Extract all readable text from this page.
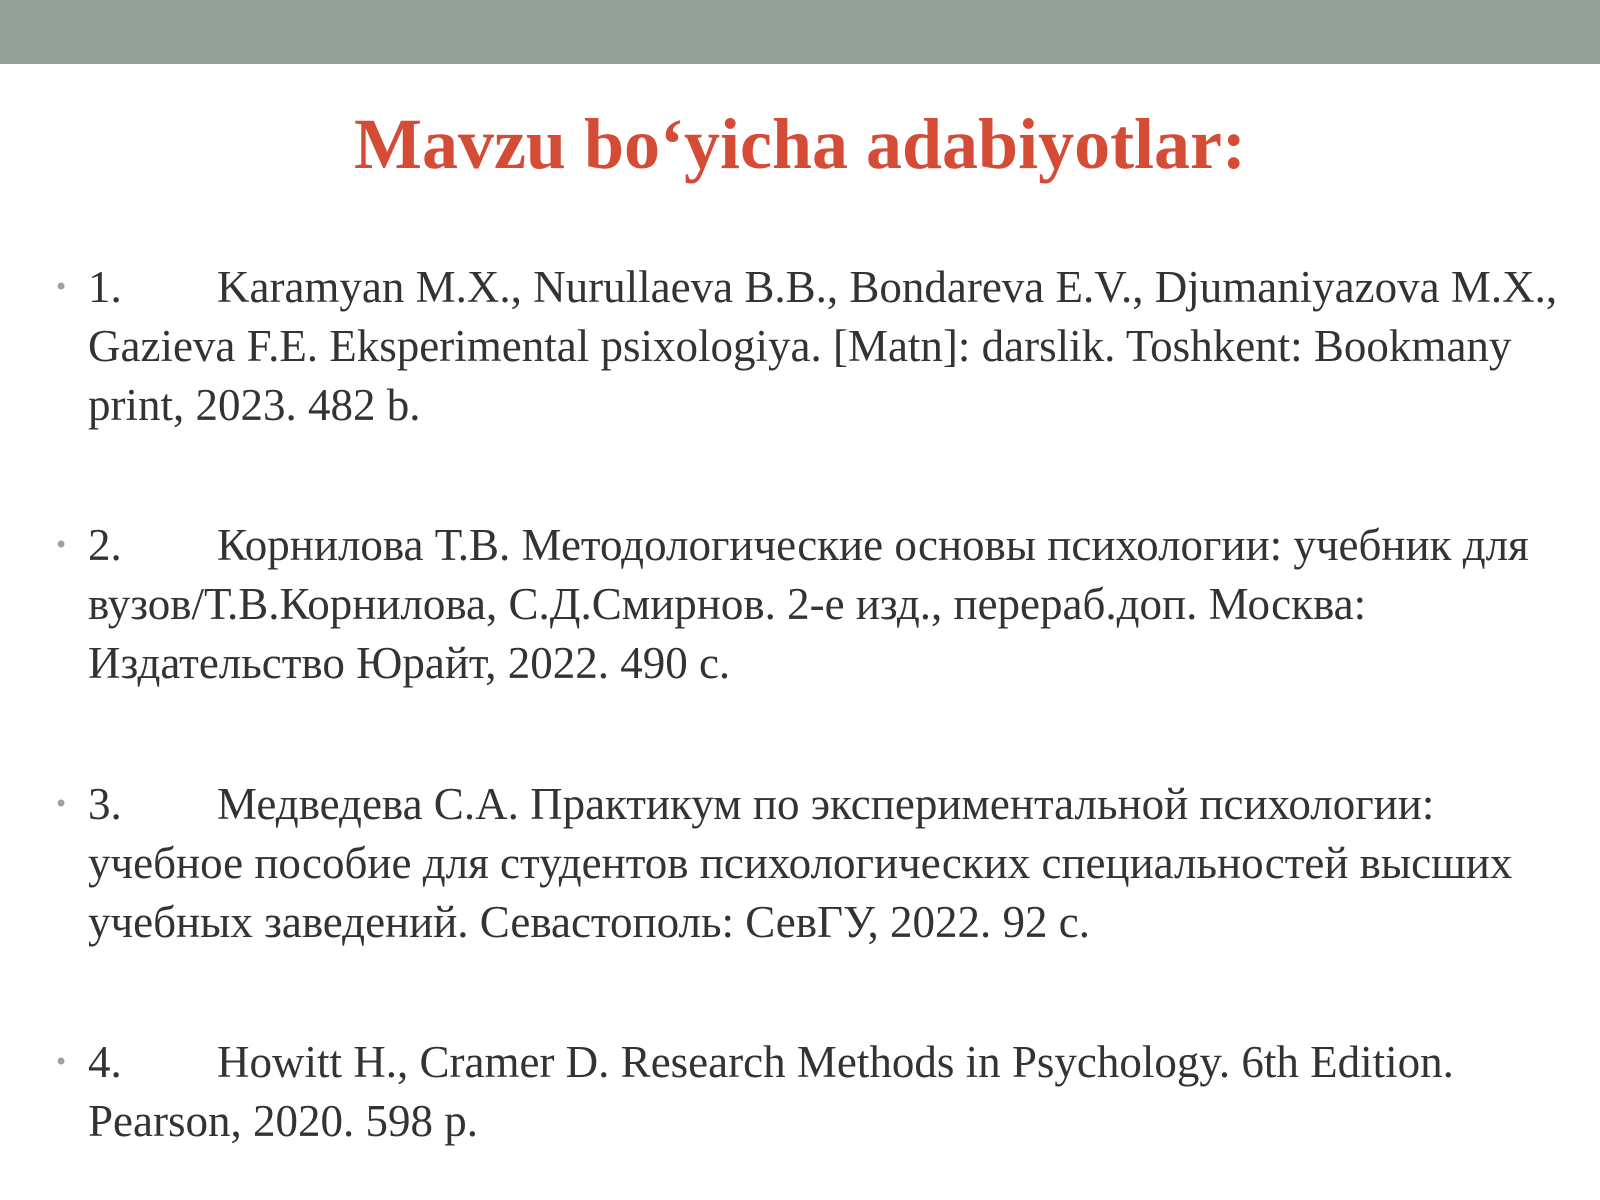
Mavzu bo‘yicha adabiyotlar:
• 1. Karamyan M.X., Nurullaeva B.B., Bondareva E.V., Djumaniyazova M.X., Gazieva F.E. Eksperimental psixologiya. [Matn]: darslik. Toshkent: Bookmany print, 2023. 482 b.
• 2. Корнилова Т.В. Методологические основы психологии: учебник для вузов/Т.В.Корнилова, С.Д.Смирнов. 2-е изд., перераб.доп. Москва: Издательство Юрайт, 2022. 490 с.
• 3. Медведева С.А. Практикум по экспериментальной психологии: учебное пособие для студентов психологических специальностей высших учебных заведений. Севастополь: СевГУ, 2022. 92 с.
• 4. Howitt H., Cramer D. Research Methods in Psychology. 6th Edition. Pearson, 2020. 598 p.
